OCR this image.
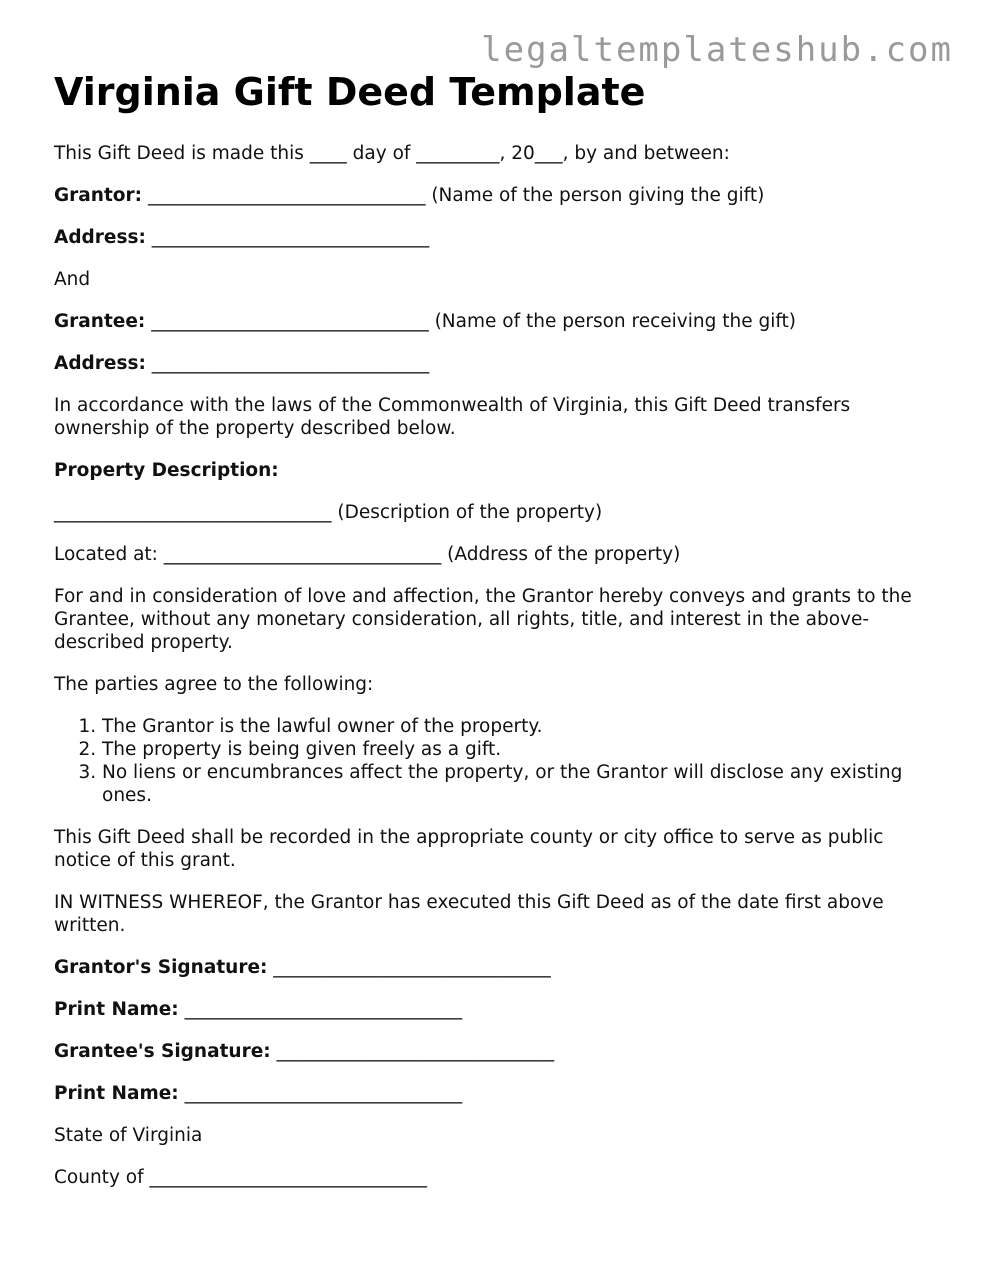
legaltemplateshub.com
Virginia Gift Deed Template

This Gift Deed is made this ____ day of _________, 20___, by and between:

Grantor: ______________________________ (Name of the person giving the gift)

Address: ______________________________

And

Grantee: ______________________________ (Name of the person receiving the gift)

Address: ______________________________

In accordance with the laws of the Commonwealth of Virginia, this Gift Deed transfers ownership of the property described below.

Property Description:

______________________________ (Description of the property)

Located at: ______________________________ (Address of the property)

For and in consideration of love and affection, the Grantor hereby conveys and grants to the Grantee, without any monetary consideration, all rights, title, and interest in the above-described property.

The parties agree to the following:

1. The Grantor is the lawful owner of the property.
2. The property is being given freely as a gift.
3. No liens or encumbrances affect the property, or the Grantor will disclose any existing ones.

This Gift Deed shall be recorded in the appropriate county or city office to serve as public notice of this grant.

IN WITNESS WHEREOF, the Grantor has executed this Gift Deed as of the date first above written.

Grantor's Signature: ______________________________

Print Name: ______________________________

Grantee's Signature: ______________________________

Print Name: ______________________________

State of Virginia

County of ______________________________
